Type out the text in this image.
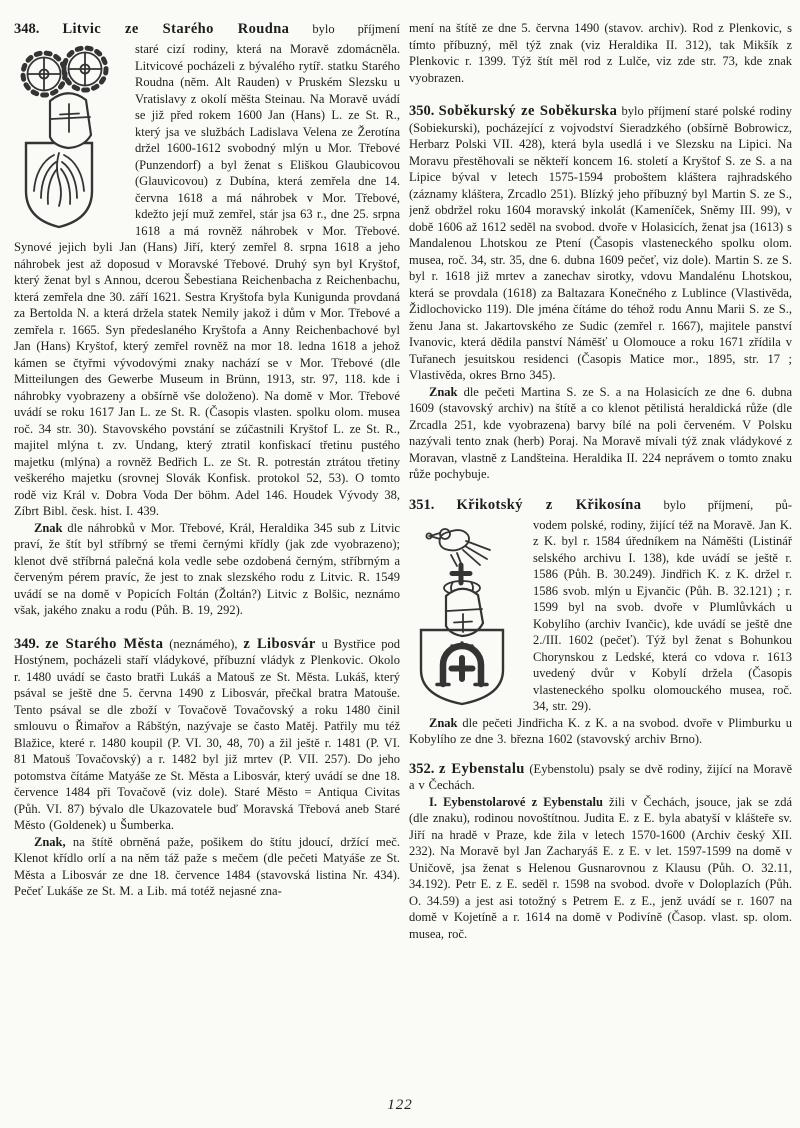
348. Litvic ze Starého Roudna bylo příjmení

staré cizí rodiny, která na Moravě zdomácněla. Litvicové pocházeli z bývalého rytíř. statku Starého Roudna (něm. Alt Rauden) v Pruském Slezsku u Vratislavy z okolí měšta Steinau. Na Moravě uvádí se již před rokem 1600 Jan (Hans) L. ze St. R., který jsa ve službách Ladislava Velena ze Žerotína držel 1600-1612 svobodný mlýn u Mor. Třebové (Punzendorf) a byl ženat s Eliškou Glaubicovou (Glauvicovou) z Dubína, která zemřela dne 14. června 1618 a má náhrobek v Mor. Třebové, kdežto její muž zemřel, stár jsa 63 r., dne 25. srpna 1618 a má rovněž náhrobek v Mor. Třebové. Synové jejich byli Jan (Hans) Jiří, který zemřel 8. srpna 1618 a jeho náhrobek jest až doposud v Moravské Třebové. Druhý syn byl Kryštof, který ženat byl s Annou, dcerou Šebestiana Reichenbacha z Reichenbachu, která zemřela dne 30. září 1621. Sestra Kryštofa byla Kunigunda provdaná za Bertolda N. a která držela statek Nemily jakož i dům v Mor. Třebové a zemřela r. 1665. Syn předeslaného Kryštofa a Anny Reichenbachové byl Jan (Hans) Kryštof, který zemřel rovněž na mor 18. ledna 1618 a jehož kámen se čtyřmi vývodovými znaky nachází se v Mor. Třebové (dle Mitteilungen des Gewerbe Museum in Brünn, 1913, str. 97, 118. kde i náhrobky vyobrazeny a obšírně vše doloženo). Na domě v Mor. Třebové uvádí se roku 1617 Jan L. ze St. R. (Časopis vlasten. spolku olom. musea roč. 34 str. 30). Stavovského povstání se zúčastnili Kryštof L. ze St. R., majitel mlýna t. zv. Undang, který ztratil konfiskací třetinu pustého majetku (mlýna) a rovněž Bedřich L. ze St. R. potrestán ztrátou třetiny veškerého majetku (srovnej Slovák Konfisk. protokol 52, 53). O tomto rodě viz Král v. Dobra Voda Der böhm. Adel 146. Houdek Vývody 38, Zíbrt Bibl. česk. hist. I. 439.

Znak dle náhrobků v Mor. Třebové, Král, Heraldika 345 sub z Litvic praví, že štít byl stříbrný se třemi černými křídly (jak zde vyobrazeno); klenot dvě stříbrná palečná kola vedle sebe ozdobená černým, stříbrným a červeným pérem pravíc, že jest to znak slezského rodu z Litvic. R. 1549 uvádí se na domě v Popicích Foltán (Žoltán?) Litvic z Bolšic, neznámo však, jakého znaku a rodu (Půh. B. 19, 292).

349. ze Starého Města (neznámého), z Libosvár u Bystřice pod Hostýnem, pocházeli staří vládykové, příbuzní vládyk z Plenkovic. Okolo r. 1480 uvádí se často bratři Lukáš a Matouš ze St. Města. Lukáš, který psával se ještě dne 5. června 1490 z Libosvár, přečkal bratra Matouše. Tento psával se dle zboží v Tovačově Tovačovský a roku 1480 činil smlouvu o Řimařov a Rábštýn, nazývaje se často Matěj. Patřily mu též Blažice, které r. 1480 koupil (P. VI. 30, 48, 70) a žil ještě r. 1481 (P. VI. 81 Matouš Tovačovský) a r. 1482 byl již mrtev (P. VII. 257). Do jeho potomstva čítáme Matyáše ze St. Města a Libosvár, který uvádí se dne 18. července 1484 při Tovačově (viz dole). Staré Město = Antiqua Civitas (Půh. VI. 87) bývalo dle Ukazovatele buď Moravská Třebová aneb Staré Město (Goldenek) u Šumberka.

Znak, na štítě obrněná paže, pošikem do štítu jdoucí, držící meč. Klenot křídlo orlí a na něm táž paže s mečem (dle pečeti Matyáše ze St. Města a Libosvár ze dne 18. července 1484 (stavovská listina Nr. 434). Pečeť Lukáše ze St. M. a Lib. má totéž nejasné zna-

mení na štítě ze dne 5. června 1490 (stavov. archiv). Rod z Plenkovic, s tímto příbuzný, měl týž znak (viz Heraldika II. 312), tak Mikšík z Plenkovic r. 1399. Týž štít měl rod z Lulče, viz zde str. 73, kde znak vyobrazen.

350. Soběkurský ze Soběkurska bylo příjmení staré polské rodiny (Sobiekurski), pocházející z vojvodství Sieradzkého (obšírně Bobrowicz, Herbarz Polski VII. 428), která byla usedlá i ve Slezsku na Lipici. Na Moravu přestěhovali se někteří koncem 16. století a Kryštof S. ze S. a na Lipice býval v letech 1575-1594 proboštem kláštera rajhradského (záznamy kláštera, Zrcadlo 251). Blízký jeho příbuzný byl Martin S. ze S., jenž obdržel roku 1604 moravský inkolát (Kameníček, Sněmy III. 99), v době 1606 až 1612 seděl na svobod. dvoře v Holasicích, ženat jsa (1613) s Mandalenou Lhotskou ze Ptení (Časopis vlasteneckého spolku olom. musea, roč. 34, str. 35, dne 6. dubna 1609 pečeť, viz dole). Martin S. ze S. byl r. 1618 již mrtev a zanechav sirotky, vdovu Mandalénu Lhotskou, která se provdala (1618) za Baltazara Konečného z Lublince (Vlastivěda, Židlochovicko 119). Dle jména čítáme do téhož rodu Annu Marii S. ze S., ženu Jana st. Jakartovského ze Sudic (zemřel r. 1667), majitele panství Ivanovic, která dědila panství Náměšť u Olomouce a roku 1671 zřídila v Tuřanech jesuitskou residenci (Časopis Matice mor., 1895, str. 17 ; Vlastivěda, okres Brno 345).

Znak dle pečeti Martina S. ze S. a na Holasicích ze dne 6. dubna 1609 (stavovský archiv) na štítě a co klenot pětilistá heraldická růže (dle Zrcadla 251, kde vyobrazena) barvy bílé na poli červeném. V Polsku nazývali tento znak (herb) Poraj. Na Moravě mívali týž znak vládykové z Moravan, vlastně z Landšteina. Heraldika II. 224 neprávem o tomto znaku růže pochybuje.

351. Křikotský z Křikosína bylo příjmení, pů-

vodem polské, rodiny, žijící též na Moravě. Jan K. z K. byl r. 1584 úředníkem na Náměšti (Listinář selského archivu I. 138), kde uvádí se ještě r. 1586 (Půh. B. 30.249). Jindřich K. z K. držel r. 1586 svob. mlýn u Ejvančic (Půh. B. 32.121) ; r. 1599 byl na svob. dvoře v Plumlůvkách u Kobylího (archiv Ivančic), kde uvádí se ještě dne 2./III. 1602 (pečeť). Týž byl ženat s Bohunkou Chorynskou z Ledské, která co vdova r. 1613 uvedený dvůr v Kobylí držela (Časopis vlasteneckého spolku olomouckého musea, roč. 34, str. 29).

Znak dle pečeti Jindřicha K. z K. a na svobod. dvoře v Plimburku u Kobylího ze dne 3. března 1602 (stavovský archiv Brno).

352. z Eybenstalu (Eybenstolu) psaly se dvě rodiny, žijící na Moravě a v Čechách.

I. Eybenstolarové z Eybenstalu žili v Čechách, jsouce, jak se zdá (dle znaku), rodinou novoštítnou. Judita E. z E. byla abatyší v klášteře sv. Jiří na hradě v Praze, kde žila v letech 1570-1600 (Archiv český XII. 232). Na Moravě byl Jan Zacharyáš E. z E. v let. 1597-1599 na domě v Uničově, jsa ženat s Helenou Gusnarovnou z Klausu (Půh. O. 32.11, 34.192). Petr E. z E. seděl r. 1598 na svobod. dvoře v Doloplazích (Půh. O. 34.59) a jest asi totožný s Petrem E. z E., jenž uvádí se r. 1607 na domě v Kojetíně a r. 1614 na domě v Podivíně (Časop. vlast. sp. olom. musea, roč.

122
